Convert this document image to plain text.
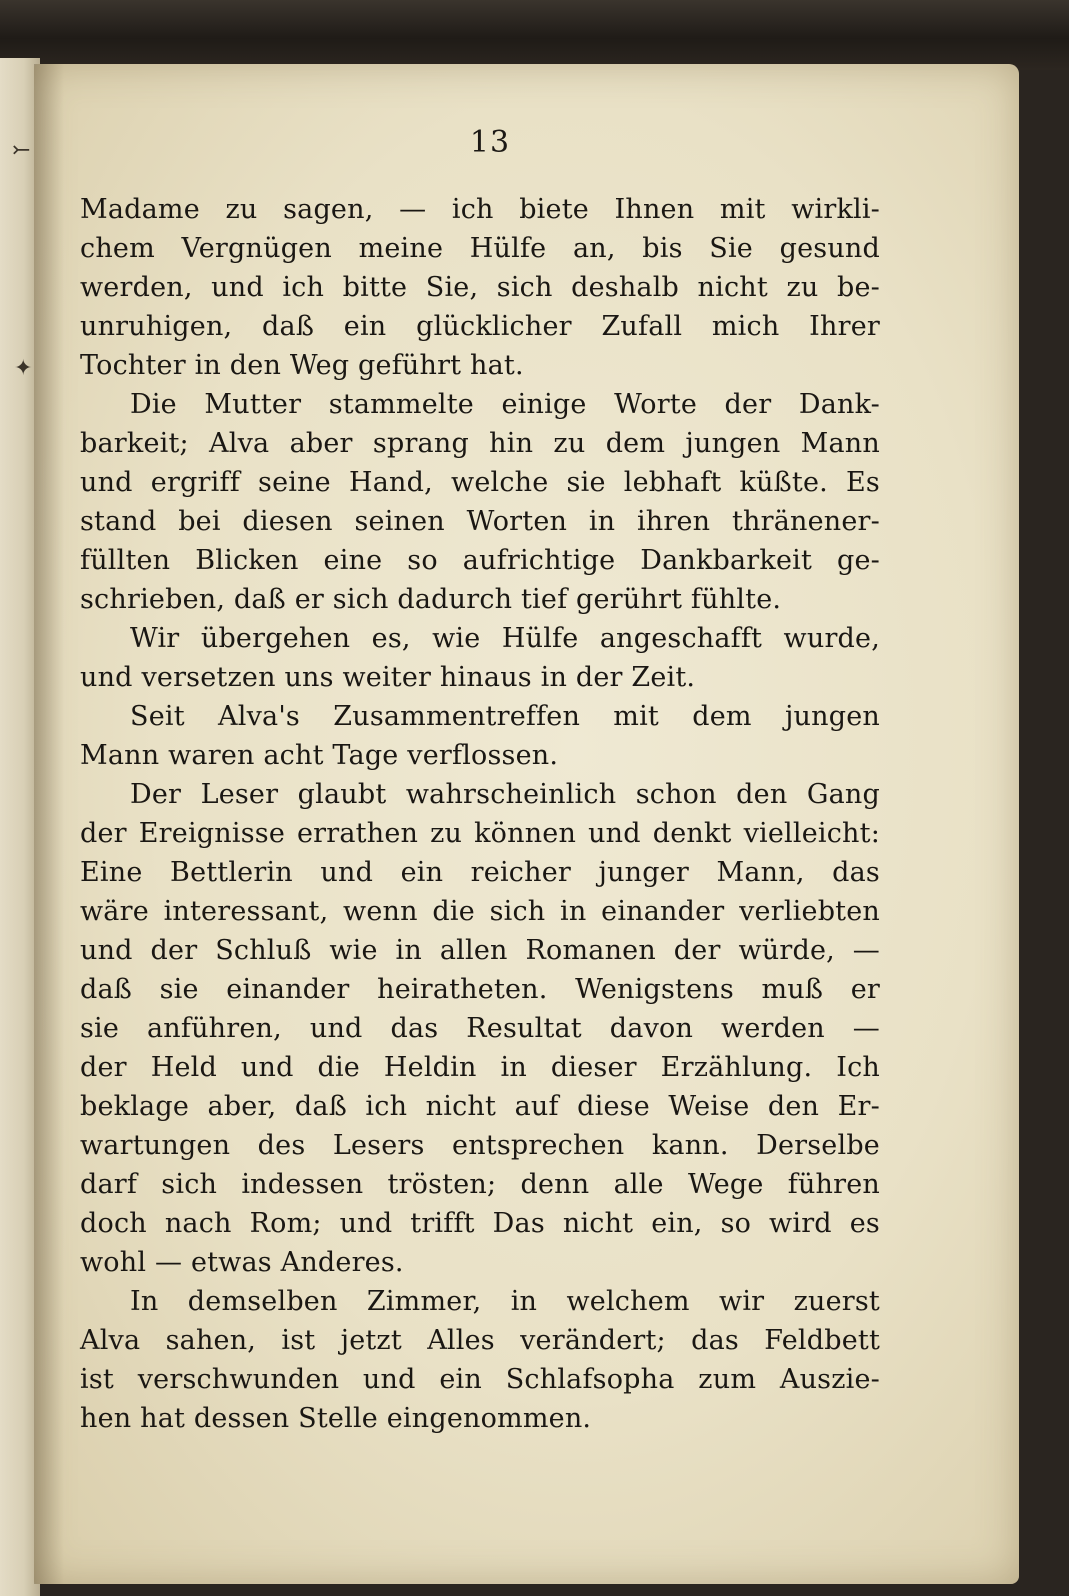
⤚
✦
13
Madame zu sagen, — ich biete Ihnen mit wirkli-
chem Vergnügen meine Hülfe an, bis Sie gesund
werden, und ich bitte Sie, sich deshalb nicht zu be-
unruhigen, daß ein glücklicher Zufall mich Ihrer
Tochter in den Weg geführt hat.
Die Mutter stammelte einige Worte der Dank-
barkeit; Alva aber sprang hin zu dem jungen Mann
und ergriff seine Hand, welche sie lebhaft küßte. Es
stand bei diesen seinen Worten in ihren thränener-
füllten Blicken eine so aufrichtige Dankbarkeit ge-
schrieben, daß er sich dadurch tief gerührt fühlte.
Wir übergehen es, wie Hülfe angeschafft wurde,
und versetzen uns weiter hinaus in der Zeit.
Seit Alva's Zusammentreffen mit dem jungen
Mann waren acht Tage verflossen.
Der Leser glaubt wahrscheinlich schon den Gang
der Ereignisse errathen zu können und denkt vielleicht:
Eine Bettlerin und ein reicher junger Mann, das
wäre interessant, wenn die sich in einander verliebten
und der Schluß wie in allen Romanen der würde, —
daß sie einander heiratheten. Wenigstens muß er
sie anführen, und das Resultat davon werden —
der Held und die Heldin in dieser Erzählung. Ich
beklage aber, daß ich nicht auf diese Weise den Er-
wartungen des Lesers entsprechen kann. Derselbe
darf sich indessen trösten; denn alle Wege führen
doch nach Rom; und trifft Das nicht ein, so wird es
wohl — etwas Anderes.
In demselben Zimmer, in welchem wir zuerst
Alva sahen, ist jetzt Alles verändert; das Feldbett
ist verschwunden und ein Schlafsopha zum Auszie-
hen hat dessen Stelle eingenommen.
